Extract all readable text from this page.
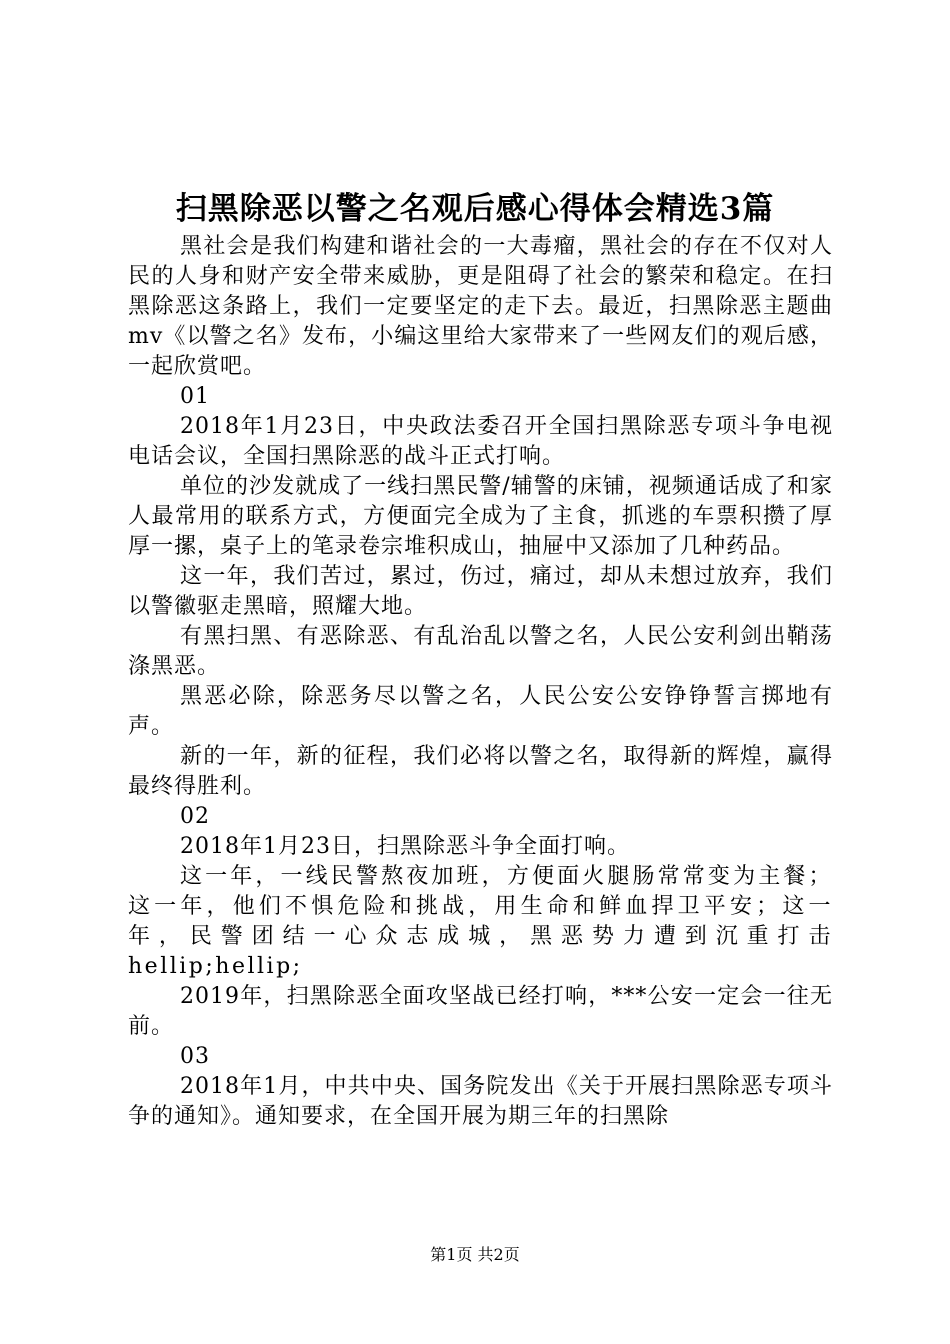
扫黑除恶以警之名观后感心得体会精选3篇

黑社会是我们构建和谐社会的一大毒瘤，黑社会的存在不仅对人民的人身和财产安全带来威胁，更是阻碍了社会的繁荣和稳定。在扫黑除恶这条路上，我们一定要坚定的走下去。最近，扫黑除恶主题曲mv《以警之名》发布，小编这里给大家带来了一些网友们的观后感，一起欣赏吧。

01

2018年1月23日，中央政法委召开全国扫黑除恶专项斗争电视电话会议，全国扫黑除恶的战斗正式打响。

单位的沙发就成了一线扫黑民警/辅警的床铺，视频通话成了和家人最常用的联系方式，方便面完全成为了主食，抓逃的车票积攒了厚厚一摞，桌子上的笔录卷宗堆积成山，抽屉中又添加了几种药品。

这一年，我们苦过，累过，伤过，痛过，却从未想过放弃，我们以警徽驱走黑暗，照耀大地。

有黑扫黑、有恶除恶、有乱治乱以警之名，人民公安利剑出鞘荡涤黑恶。

黑恶必除，除恶务尽以警之名，人民公安公安铮铮誓言掷地有声。

新的一年，新的征程，我们必将以警之名，取得新的辉煌，赢得最终得胜利。

02

2018年1月23日，扫黑除恶斗争全面打响。

这一年，一线民警熬夜加班，方便面火腿肠常常变为主餐；这一年，他们不惧危险和挑战，用生命和鲜血捍卫平安；这一年，民警团结一心众志成城，黑恶势力遭到沉重打击hellip;hellip;

2019年，扫黑除恶全面攻坚战已经打响，***公安一定会一往无前。

03

2018年1月，中共中央、国务院发出《关于开展扫黑除恶专项斗争的通知》。通知要求，在全国开展为期三年的扫黑除

第1页 共2页
